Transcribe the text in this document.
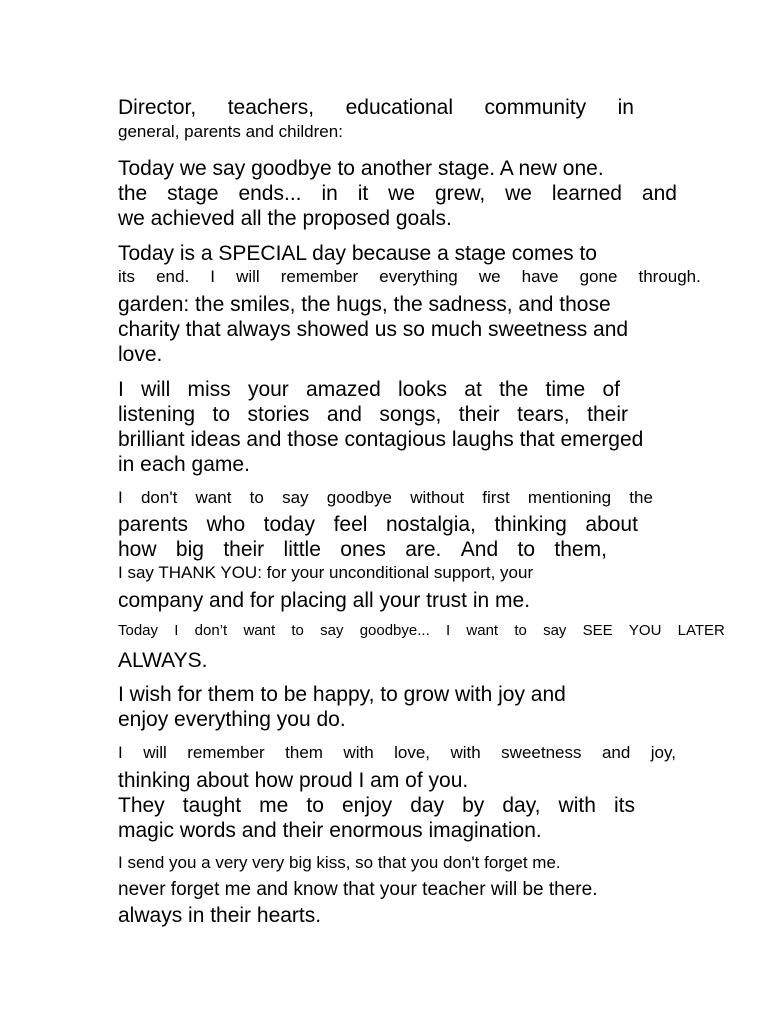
Director, teachers, educational community in
general, parents and children:
Today we say goodbye to another stage. A new one.
the stage ends... in it we grew, we learned and
we achieved all the proposed goals.
Today is a SPECIAL day because a stage comes to
its end. I will remember everything we have gone through.
garden: the smiles, the hugs, the sadness, and those
charity that always showed us so much sweetness and
love.
I will miss your amazed looks at the time of
listening to stories and songs, their tears, their
brilliant ideas and those contagious laughs that emerged
in each game.
I don't want to say goodbye without first mentioning the
parents who today feel nostalgia, thinking about
how big their little ones are. And to them,
I say THANK YOU: for your unconditional support, your
company and for placing all your trust in me.
Today I don’t want to say goodbye... I want to say SEE YOU LATER
ALWAYS.
I wish for them to be happy, to grow with joy and
enjoy everything you do.
I will remember them with love, with sweetness and joy,
thinking about how proud I am of you.
They taught me to enjoy day by day, with its
magic words and their enormous imagination.
I send you a very very big kiss, so that you don't forget me.
never forget me and know that your teacher will be there.
always in their hearts.
